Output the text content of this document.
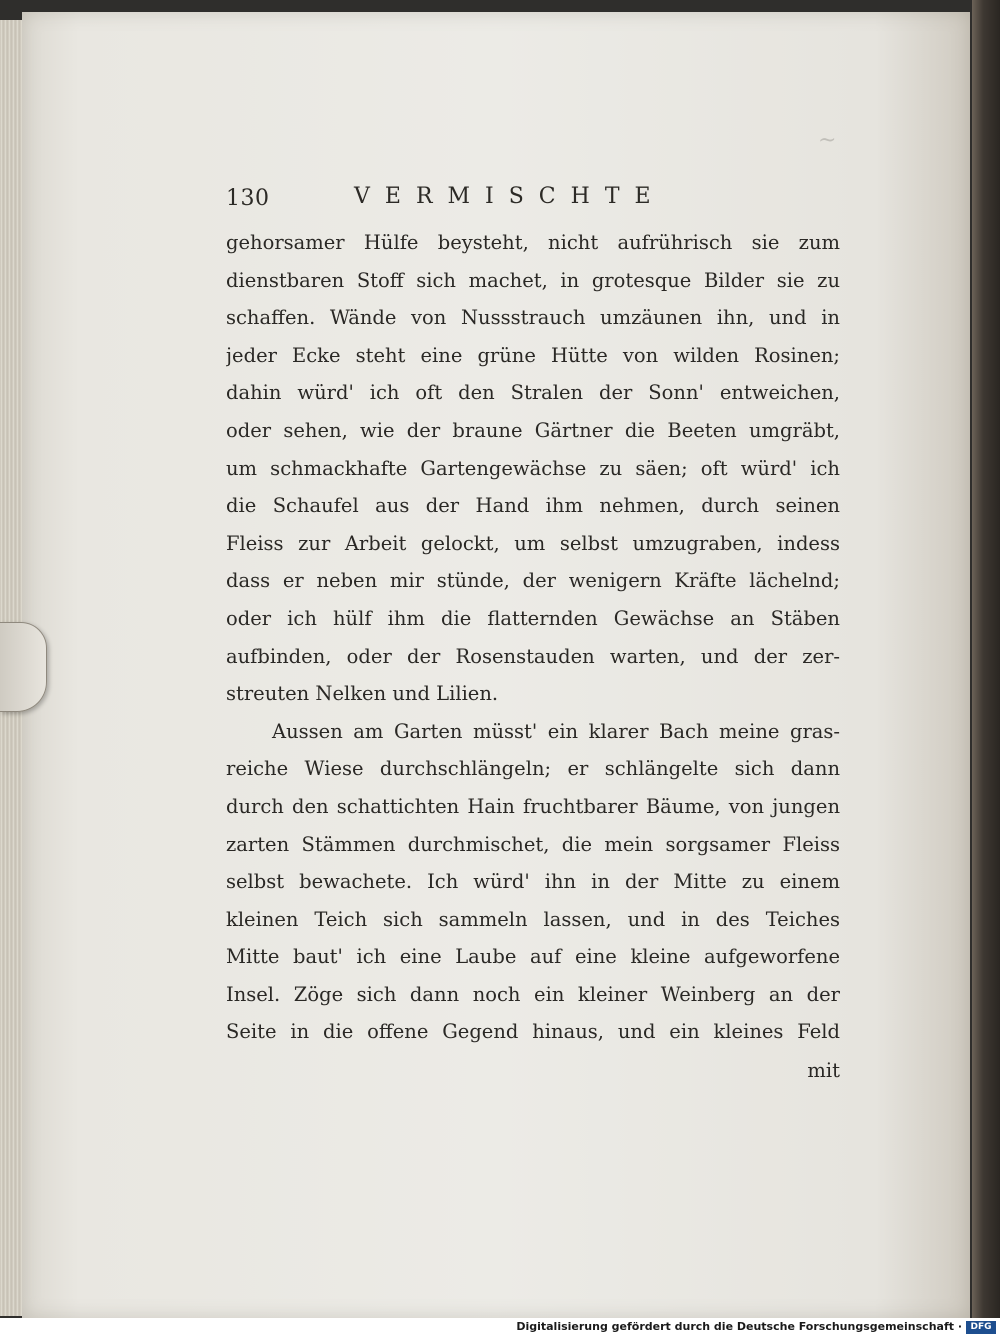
~
130	VERMISCHTE
gehorsamer Hülfe beysteht, nicht aufrührisch sie zum
dienstbaren Stoff sich machet, in grotesque Bilder sie zu
schaffen. Wände von Nussstrauch umzäunen ihn, und in
jeder Ecke steht eine grüne Hütte von wilden Rosinen;
dahin würd' ich oft den Stralen der Sonn' entweichen,
oder sehen, wie der braune Gärtner die Beeten umgräbt,
um schmackhafte Gartengewächse zu säen; oft würd' ich
die Schaufel aus der Hand ihm nehmen, durch seinen
Fleiss zur Arbeit gelockt, um selbst umzugraben, indess
dass er neben mir stünde, der wenigern Kräfte lächelnd;
oder ich hülf ihm die flatternden Gewächse an Stäben
aufbinden, oder der Rosenstauden warten, und der zer-
streuten Nelken und Lilien.
Aussen am Garten müsst' ein klarer Bach meine gras-
reiche Wiese durchschlängeln; er schlängelte sich dann
durch den schattichten Hain fruchtbarer Bäume, von jungen
zarten Stämmen durchmischet, die mein sorgsamer Fleiss
selbst bewachete. Ich würd' ihn in der Mitte zu einem
kleinen Teich sich sammeln lassen, und in des Teiches
Mitte baut' ich eine Laube auf eine kleine aufgeworfene
Insel. Zöge sich dann noch ein kleiner Weinberg an der
Seite in die offene Gegend hinaus, und ein kleines Feld
mit
Digitalisierung gefördert durch die Deutsche Forschungsgemeinschaft · DFG
